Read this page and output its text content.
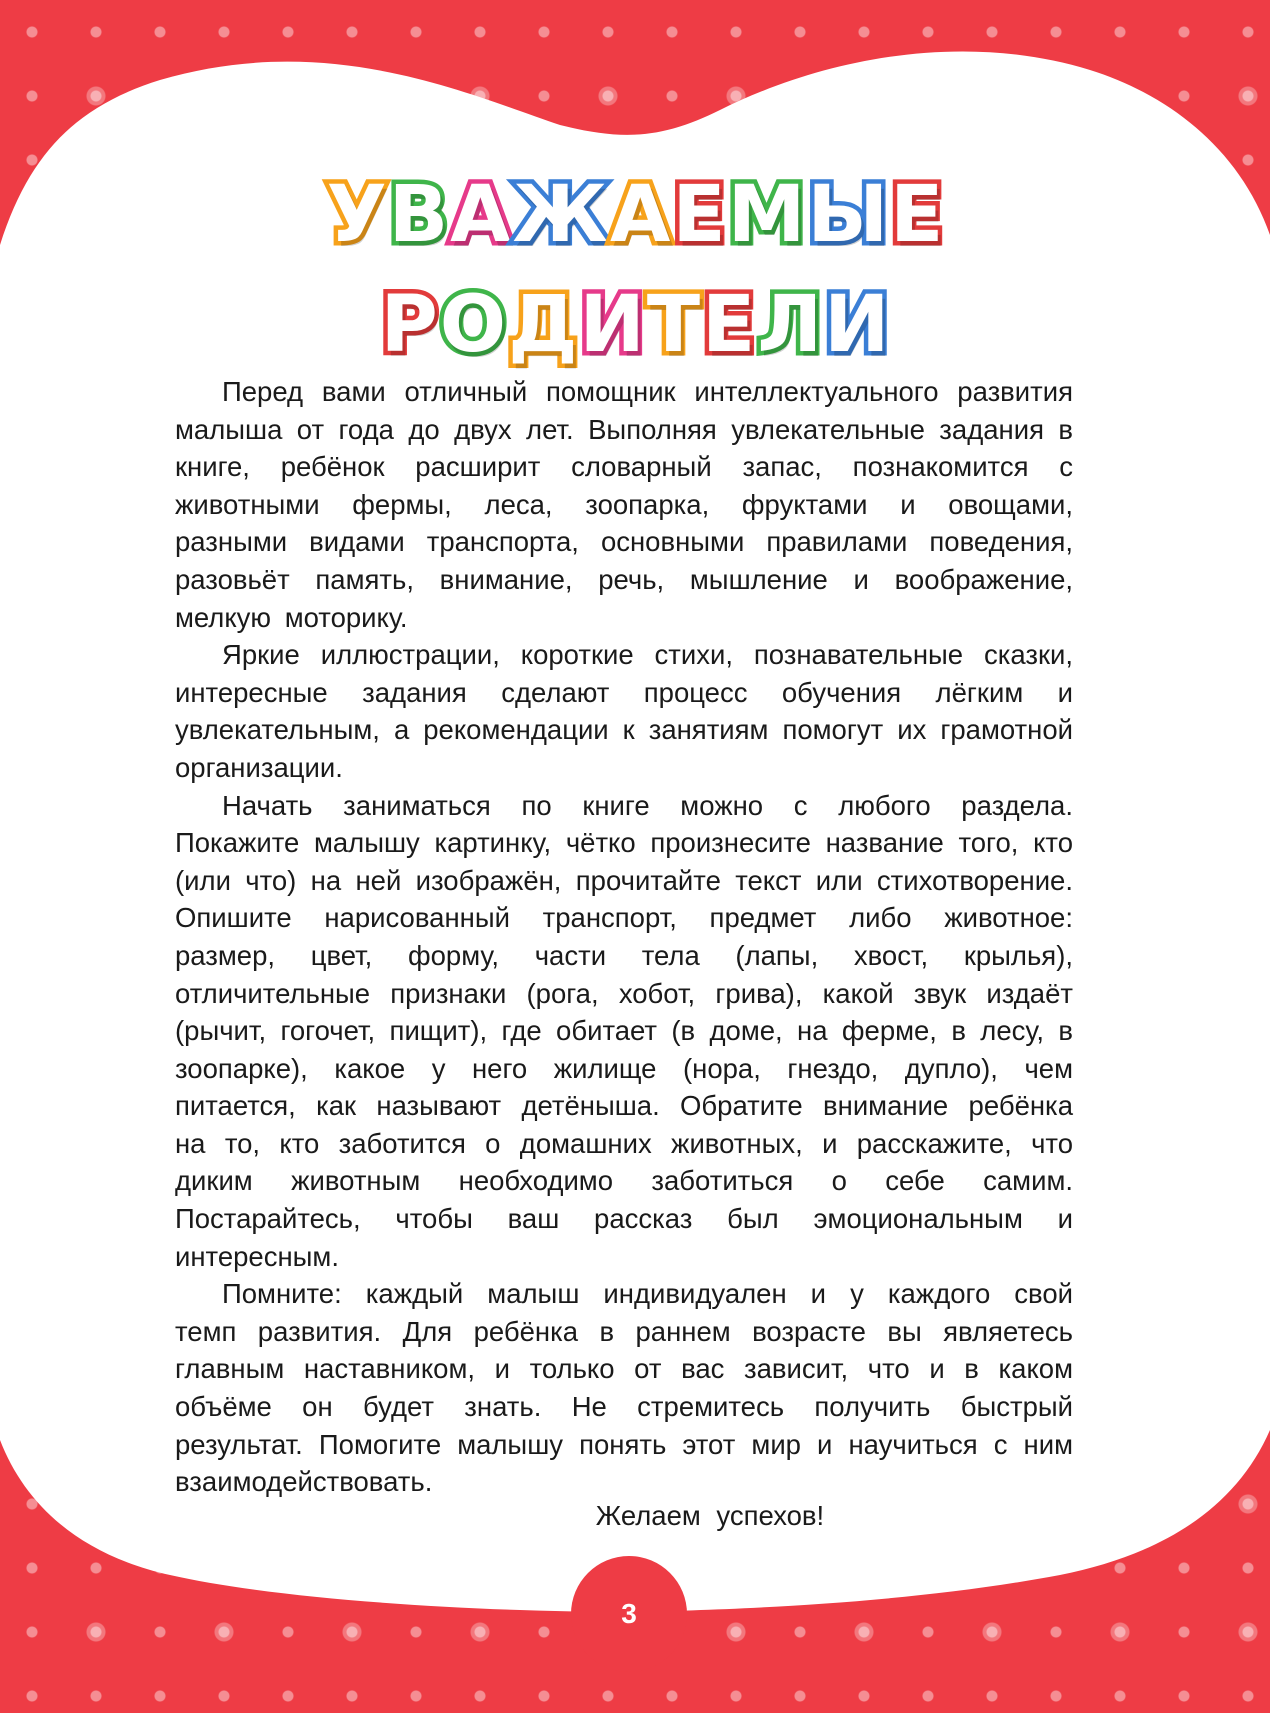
У В А Ж А Е М Ы Е
Р О Д И Т Е Л И

Перед вами отличный помощник интеллектуального развития малыша от года до двух лет. Выполняя увлекательные задания в книге, ребёнок расширит словарный запас, познакомится с животными фермы, леса, зоопарка, фруктами и овощами, разными видами транспорта, основными правилами поведения, разовьёт память, внимание, речь, мышление и воображение, мелкую моторику.

Яркие иллюстрации, короткие стихи, познавательные сказки, интересные задания сделают процесс обучения лёгким и увлекательным, а рекомендации к занятиям помогут их грамотной организации.

Начать заниматься по книге можно с любого раздела. Покажите малышу картинку, чётко произнесите название того, кто (или что) на ней изображён, прочитайте текст или стихотворение. Опишите нарисованный транспорт, предмет либо животное: размер, цвет, форму, части тела (лапы, хвост, крылья), отличительные признаки (рога, хобот, грива), какой звук издаёт (рычит, гогочет, пищит), где обитает (в доме, на ферме, в лесу, в зоопарке), какое у него жилище (нора, гнездо, дупло), чем питается, как называют детёныша. Обратите внимание ребёнка на то, кто заботится о домашних животных, и расскажите, что диким животным необходимо заботиться о себе самим. Постарайтесь, чтобы ваш рассказ был эмоциональным и интересным.

Помните: каждый малыш индивидуален и у каждого свой темп развития. Для ребёнка в раннем возрасте вы являетесь главным наставником, и только от вас зависит, что и в каком объёме он будет знать. Не стремитесь получить быстрый результат. Помогите малышу понять этот мир и научиться с ним взаимодействовать.

Желаем успехов!
3
